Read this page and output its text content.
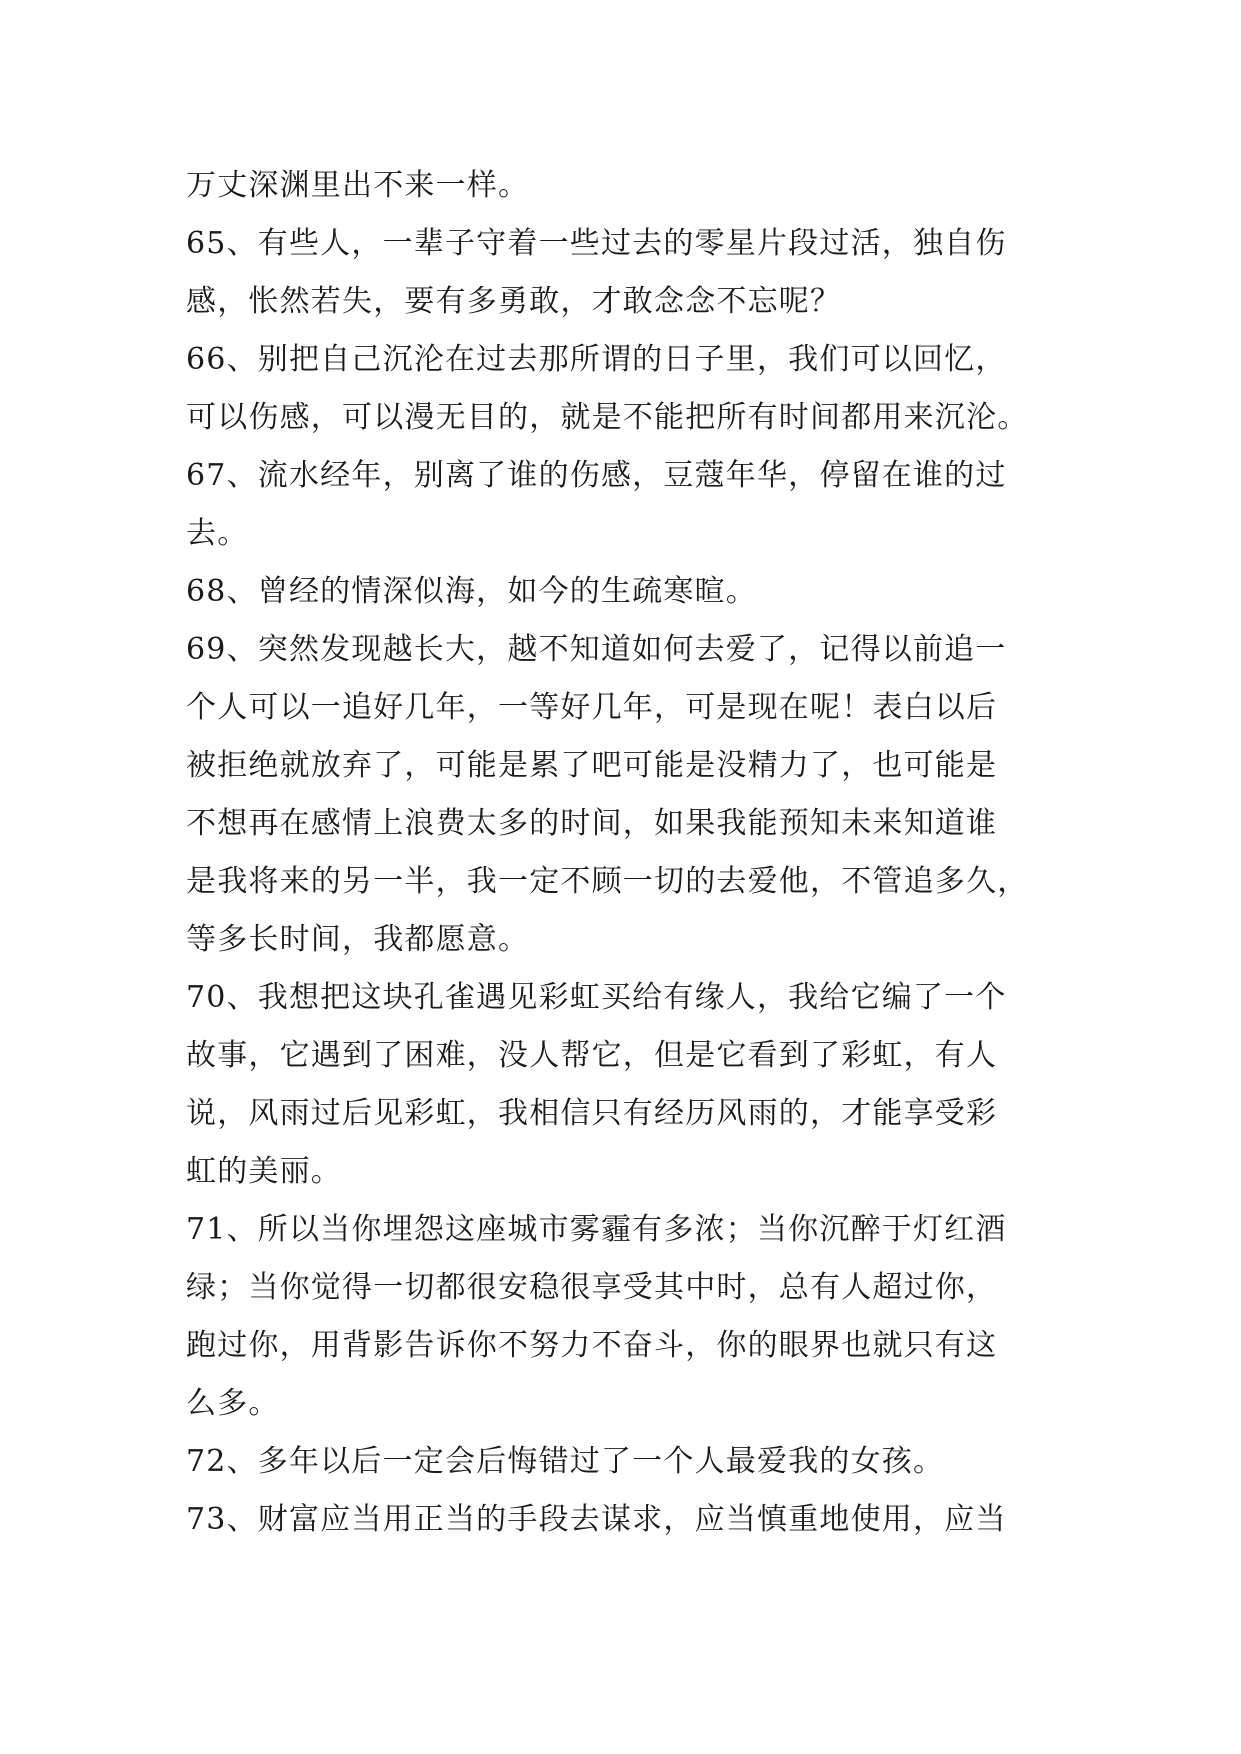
万丈深渊里出不来一样。
65、有些人，一辈子守着一些过去的零星片段过活，独自伤
感，怅然若失，要有多勇敢，才敢念念不忘呢？
66、别把自己沉沦在过去那所谓的日子里，我们可以回忆，
可以伤感，可以漫无目的，就是不能把所有时间都用来沉沦。
67、流水经年，别离了谁的伤感，豆蔻年华，停留在谁的过
去。
68、曾经的情深似海，如今的生疏寒暄。
69、突然发现越长大，越不知道如何去爱了，记得以前追一
个人可以一追好几年，一等好几年，可是现在呢！表白以后
被拒绝就放弃了，可能是累了吧可能是没精力了，也可能是
不想再在感情上浪费太多的时间，如果我能预知未来知道谁
是我将来的另一半，我一定不顾一切的去爱他，不管追多久，
等多长时间，我都愿意。
70、我想把这块孔雀遇见彩虹买给有缘人，我给它编了一个
故事，它遇到了困难，没人帮它，但是它看到了彩虹，有人
说，风雨过后见彩虹，我相信只有经历风雨的，才能享受彩
虹的美丽。
71、所以当你埋怨这座城市雾霾有多浓；当你沉醉于灯红酒
绿；当你觉得一切都很安稳很享受其中时，总有人超过你，
跑过你，用背影告诉你不努力不奋斗，你的眼界也就只有这
么多。
72、多年以后一定会后悔错过了一个人最爱我的女孩。
73、财富应当用正当的手段去谋求，应当慎重地使用，应当
